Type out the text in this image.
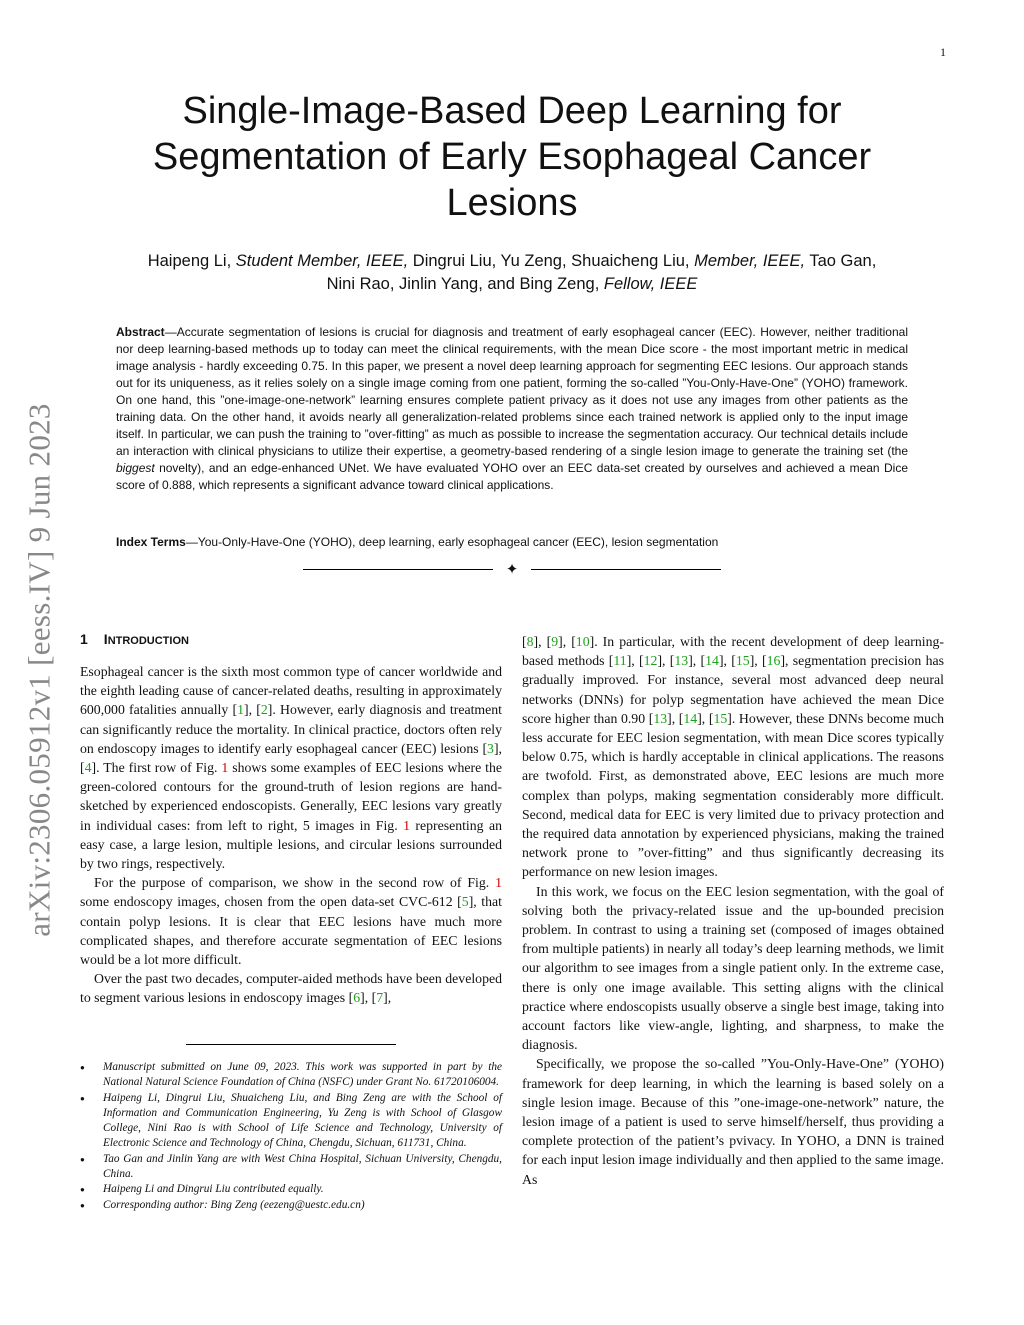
1
arXiv:2306.05912v1 [eess.IV] 9 Jun 2023
Single-Image-Based Deep Learning for Segmentation of Early Esophageal Cancer Lesions
Haipeng Li, Student Member, IEEE, Dingrui Liu, Yu Zeng, Shuaicheng Liu, Member, IEEE, Tao Gan,
Nini Rao, Jinlin Yang, and Bing Zeng, Fellow, IEEE

Abstract—Accurate segmentation of lesions is crucial for diagnosis and treatment of early esophageal cancer (EEC). However, neither traditional nor deep learning-based methods up to today can meet the clinical requirements, with the mean Dice score - the most important metric in medical image analysis - hardly exceeding 0.75. In this paper, we present a novel deep learning approach for segmenting EEC lesions. Our approach stands out for its uniqueness, as it relies solely on a single image coming from one patient, forming the so-called ”You-Only-Have-One” (YOHO) framework. On one hand, this ”one-image-one-network” learning ensures complete patient privacy as it does not use any images from other patients as the training data. On the other hand, it avoids nearly all generalization-related problems since each trained network is applied only to the input image itself. In particular, we can push the training to ”over-fitting” as much as possible to increase the segmentation accuracy. Our technical details include an interaction with clinical physicians to utilize their expertise, a geometry-based rendering of a single lesion image to generate the training set (the biggest novelty), and an edge-enhanced UNet. We have evaluated YOHO over an EEC data-set created by ourselves and achieved a mean Dice score of 0.888, which represents a significant advance toward clinical applications.

Index Terms—You-Only-Have-One (YOHO), deep learning, early esophageal cancer (EEC), lesion segmentation

✦
1 INTRODUCTION

Esophageal cancer is the sixth most common type of cancer worldwide and the eighth leading cause of cancer-related deaths, resulting in approximately 600,000 fatalities annually [1], [2]. However, early diagnosis and treatment can significantly reduce the mortality. In clinical practice, doctors often rely on endoscopy images to identify early esophageal cancer (EEC) lesions [3], [4]. The first row of Fig. 1 shows some examples of EEC lesions where the green-colored contours for the ground-truth of lesion regions are hand-sketched by experienced endoscopists. Generally, EEC lesions vary greatly in individual cases: from left to right, 5 images in Fig. 1 representing an easy case, a large lesion, multiple lesions, and circular lesions surrounded by two rings, respectively.

For the purpose of comparison, we show in the second row of Fig. 1 some endoscopy images, chosen from the open data-set CVC-612 [5], that contain polyp lesions. It is clear that EEC lesions have much more complicated shapes, and therefore accurate segmentation of EEC lesions would be a lot more difficult.

Over the past two decades, computer-aided methods have been developed to segment various lesions in endoscopy images [6], [7],

● Manuscript submitted on June 09, 2023. This work was supported in part by the National Natural Science Foundation of China (NSFC) under Grant No. 61720106004.
● Haipeng Li, Dingrui Liu, Shuaicheng Liu, and Bing Zeng are with the School of Information and Communication Engineering, Yu Zeng is with School of Glasgow College, Nini Rao is with School of Life Science and Technology, University of Electronic Science and Technology of China, Chengdu, Sichuan, 611731, China.
● Tao Gan and Jinlin Yang are with West China Hospital, Sichuan University, Chengdu, China.
● Haipeng Li and Dingrui Liu contributed equally.
● Corresponding author: Bing Zeng (eezeng@uestc.edu.cn)

[8], [9], [10]. In particular, with the recent development of deep learning-based methods [11], [12], [13], [14], [15], [16], segmentation precision has gradually improved. For instance, several most advanced deep neural networks (DNNs) for polyp segmentation have achieved the mean Dice score higher than 0.90 [13], [14], [15]. However, these DNNs become much less accurate for EEC lesion segmentation, with mean Dice scores typically below 0.75, which is hardly acceptable in clinical applications. The reasons are twofold. First, as demonstrated above, EEC lesions are much more complex than polyps, making segmentation considerably more difficult. Second, medical data for EEC is very limited due to privacy protection and the required data annotation by experienced physicians, making the trained network prone to ”over-fitting” and thus significantly decreasing its performance on new lesion images.

In this work, we focus on the EEC lesion segmentation, with the goal of solving both the privacy-related issue and the up-bounded precision problem. In contrast to using a training set (composed of images obtained from multiple patients) in nearly all today’s deep learning methods, we limit our algorithm to see images from a single patient only. In the extreme case, there is only one image available. This setting aligns with the clinical practice where endoscopists usually observe a single best image, taking into account factors like view-angle, lighting, and sharpness, to make the diagnosis.

Specifically, we propose the so-called ”You-Only-Have-One” (YOHO) framework for deep learning, in which the learning is based solely on a single lesion image. Because of this ”one-image-one-network” nature, the lesion image of a patient is used to serve himself/herself, thus providing a complete protection of the patient’s pvivacy. In YOHO, a DNN is trained for each input lesion image individually and then applied to the same image. As
